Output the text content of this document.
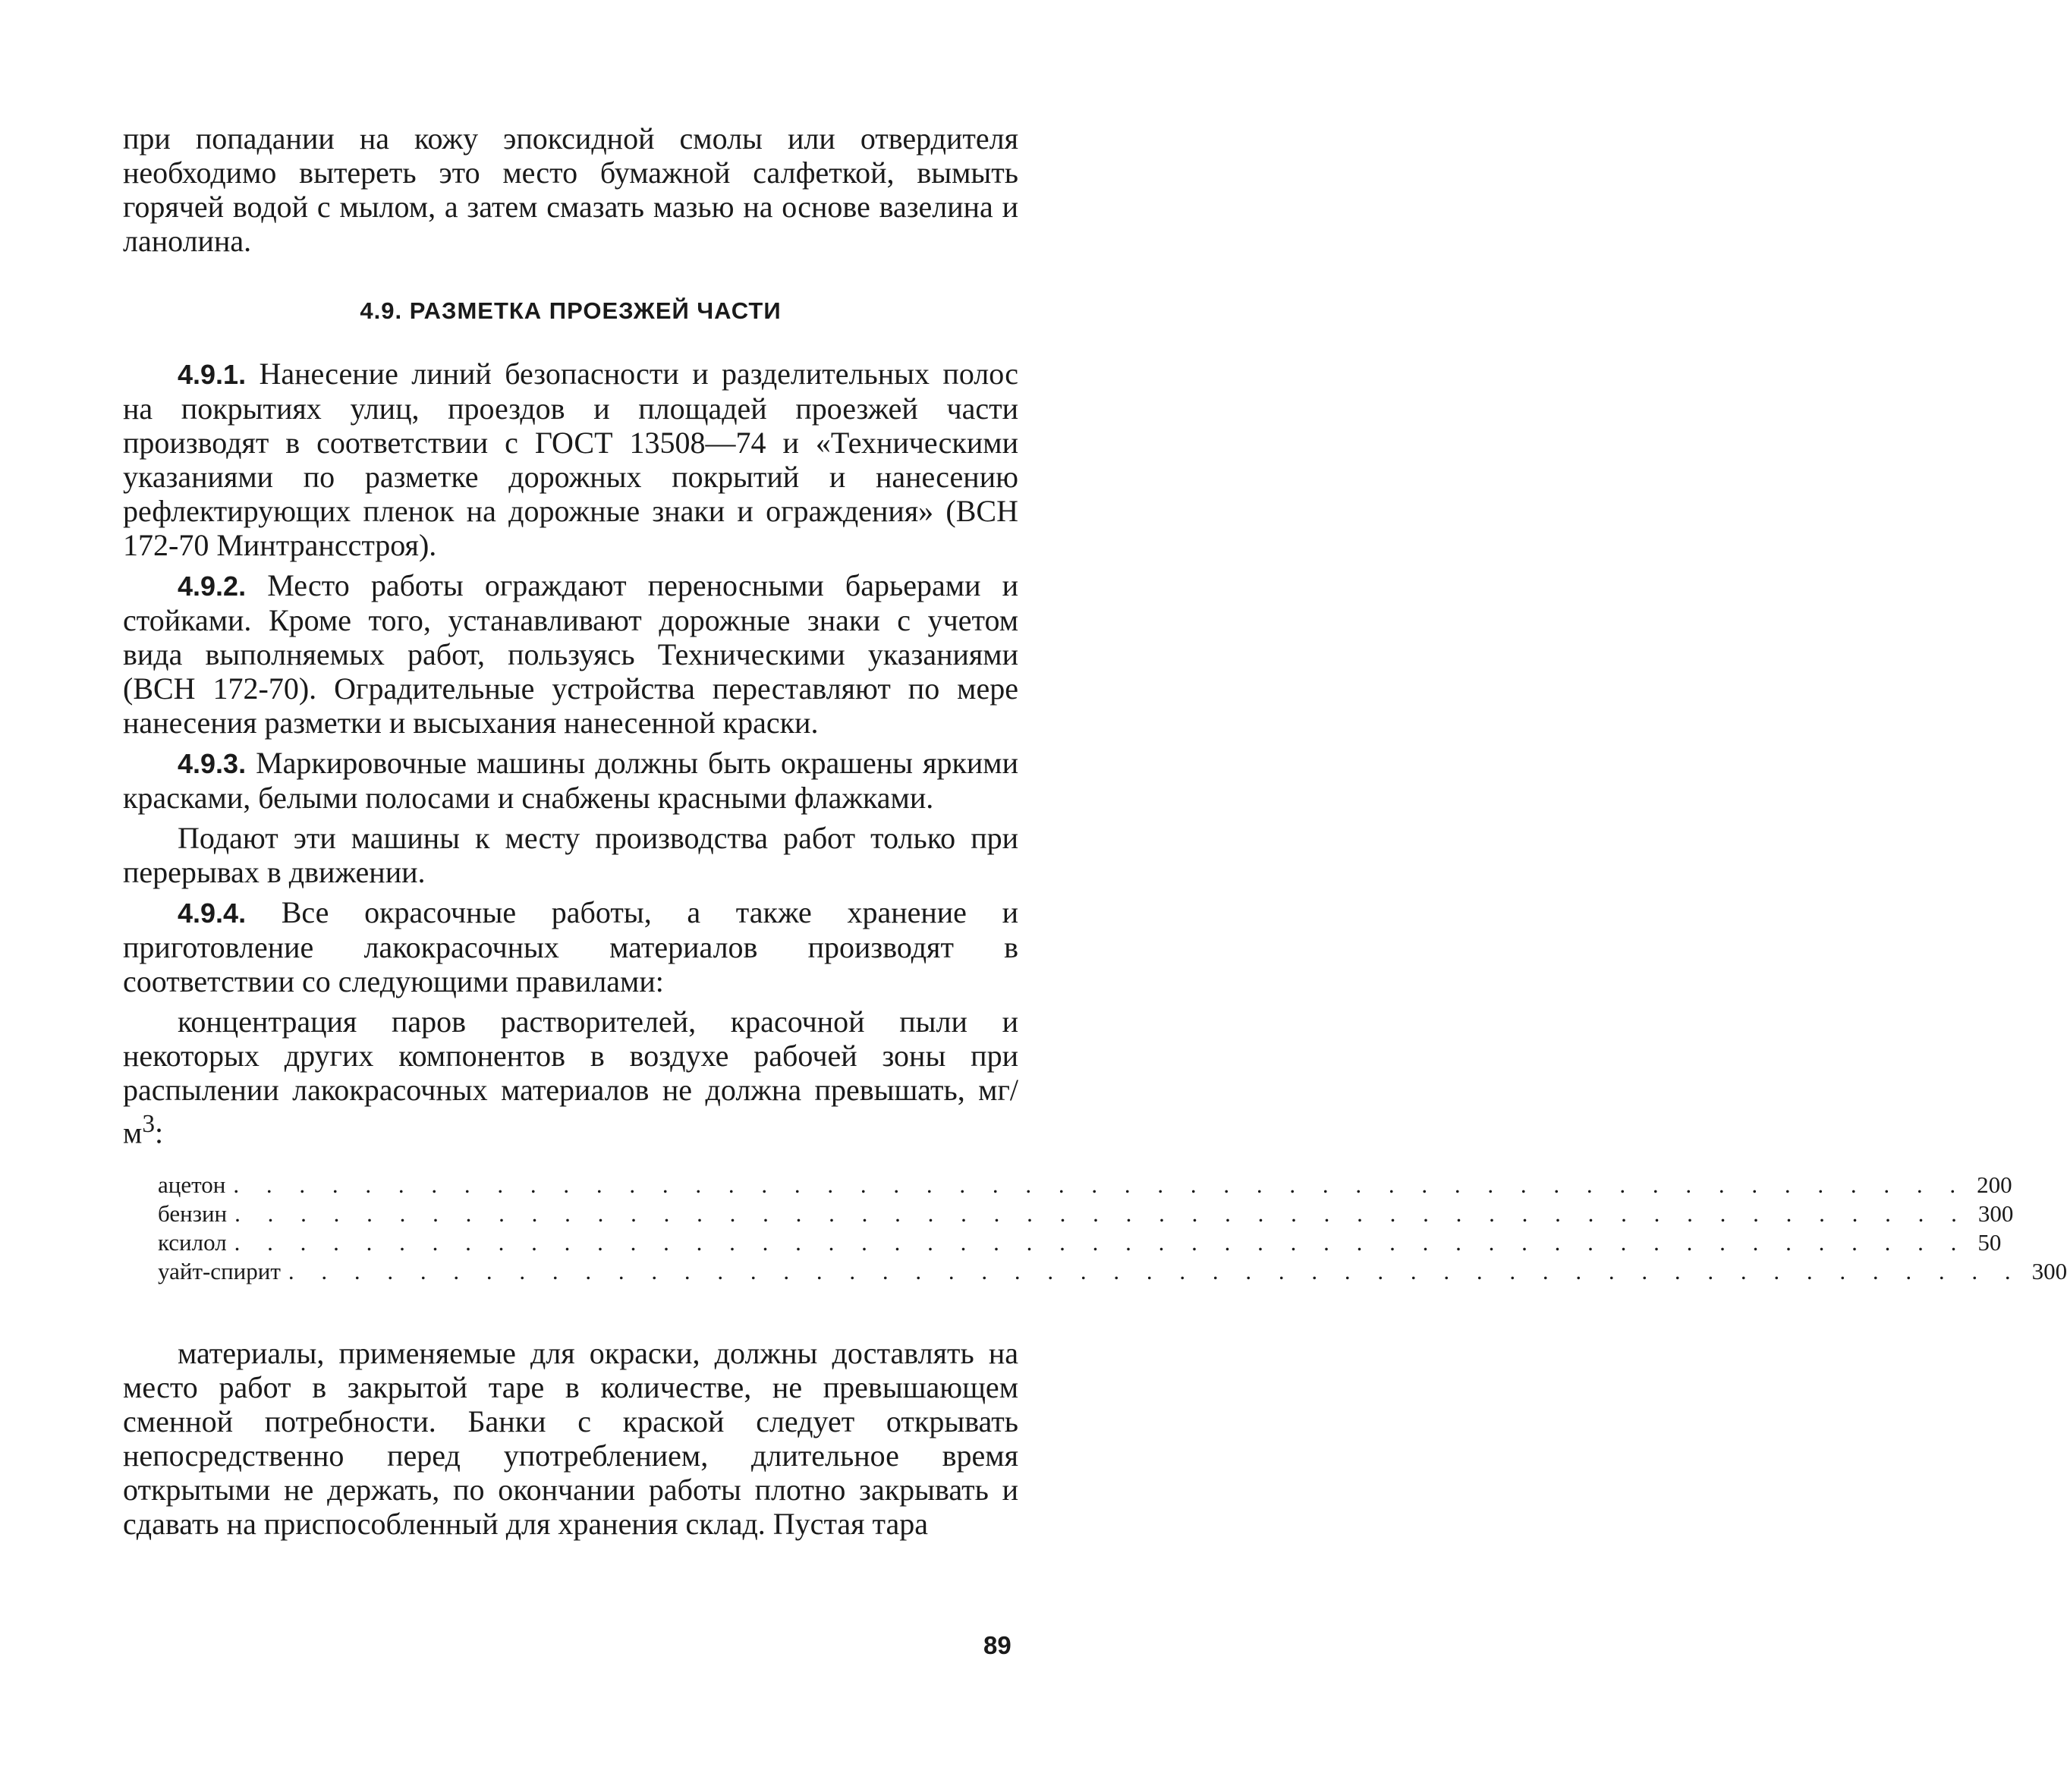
при попадании на кожу эпоксидной смолы или отвердителя необходимо вытереть это место бумажной салфеткой, вымыть горячей водой с мылом, а затем смазать мазью на основе вазелина и ланолина.

4.9. РАЗМЕТКА ПРОЕЗЖЕЙ ЧАСТИ

4.9.1. Нанесение линий безопасности и разделительных полос на покрытиях улиц, проездов и площадей проезжей части производят в соответствии с ГОСТ 13508—74 и «Техническими указаниями по разметке дорожных покрытий и нанесению рефлектирующих пленок на дорожные знаки и ограждения» (ВСН 172-70 Минтрансстроя).

4.9.2. Место работы ограждают переносными барьерами и стойками. Кроме того, устанавливают дорожные знаки с учетом вида выполняемых работ, пользуясь Техническими указаниями (ВСН 172-70). Оградительные устройства переставляют по мере нанесения разметки и высыхания нанесенной краски.

4.9.3. Маркировочные машины должны быть окрашены яркими красками, белыми полосами и снабжены красными флажками.

Подают эти машины к месту производства работ только при перерывах в движении.

4.9.4. Все окрасочные работы, а также хранение и приготовление лакокрасочных материалов производят в соответствии со следующими правилами:

концентрация паров растворителей, красочной пыли и некоторых других компонентов в воздухе рабочей зоны при распылении лакокрасочных материалов не должна превышать, $мг/м^3$:

ацетон . . . . . . . . . . . . . . . . . . . . . . . . . . . . . . . . . . . . . . . . . . . . . . . . . . . . . 200
бензин . . . . . . . . . . . . . . . . . . . . . . . . . . . . . . . . . . . . . . . . . . . . . . . . . . . . . 300
ксилол . . . . . . . . . . . . . . . . . . . . . . . . . . . . . . . . . . . . . . . . . . . . . . . . . . . . . 50
уайт-спирит . . . . . . . . . . . . . . . . . . . . . . . . . . . . . . . . . . . . . . . . . . . . . . . . . . . . . 300

материалы, применяемые для окраски, должны доставлять на место работ в закрытой таре в количестве, не превышающем сменной потребности. Банки с краской следует открывать непосредственно перед употреблением, длительное время открытыми не держать, по окончании работы плотно закрывать и сдавать на приспособленный для хранения склад. Пустая тара

89
